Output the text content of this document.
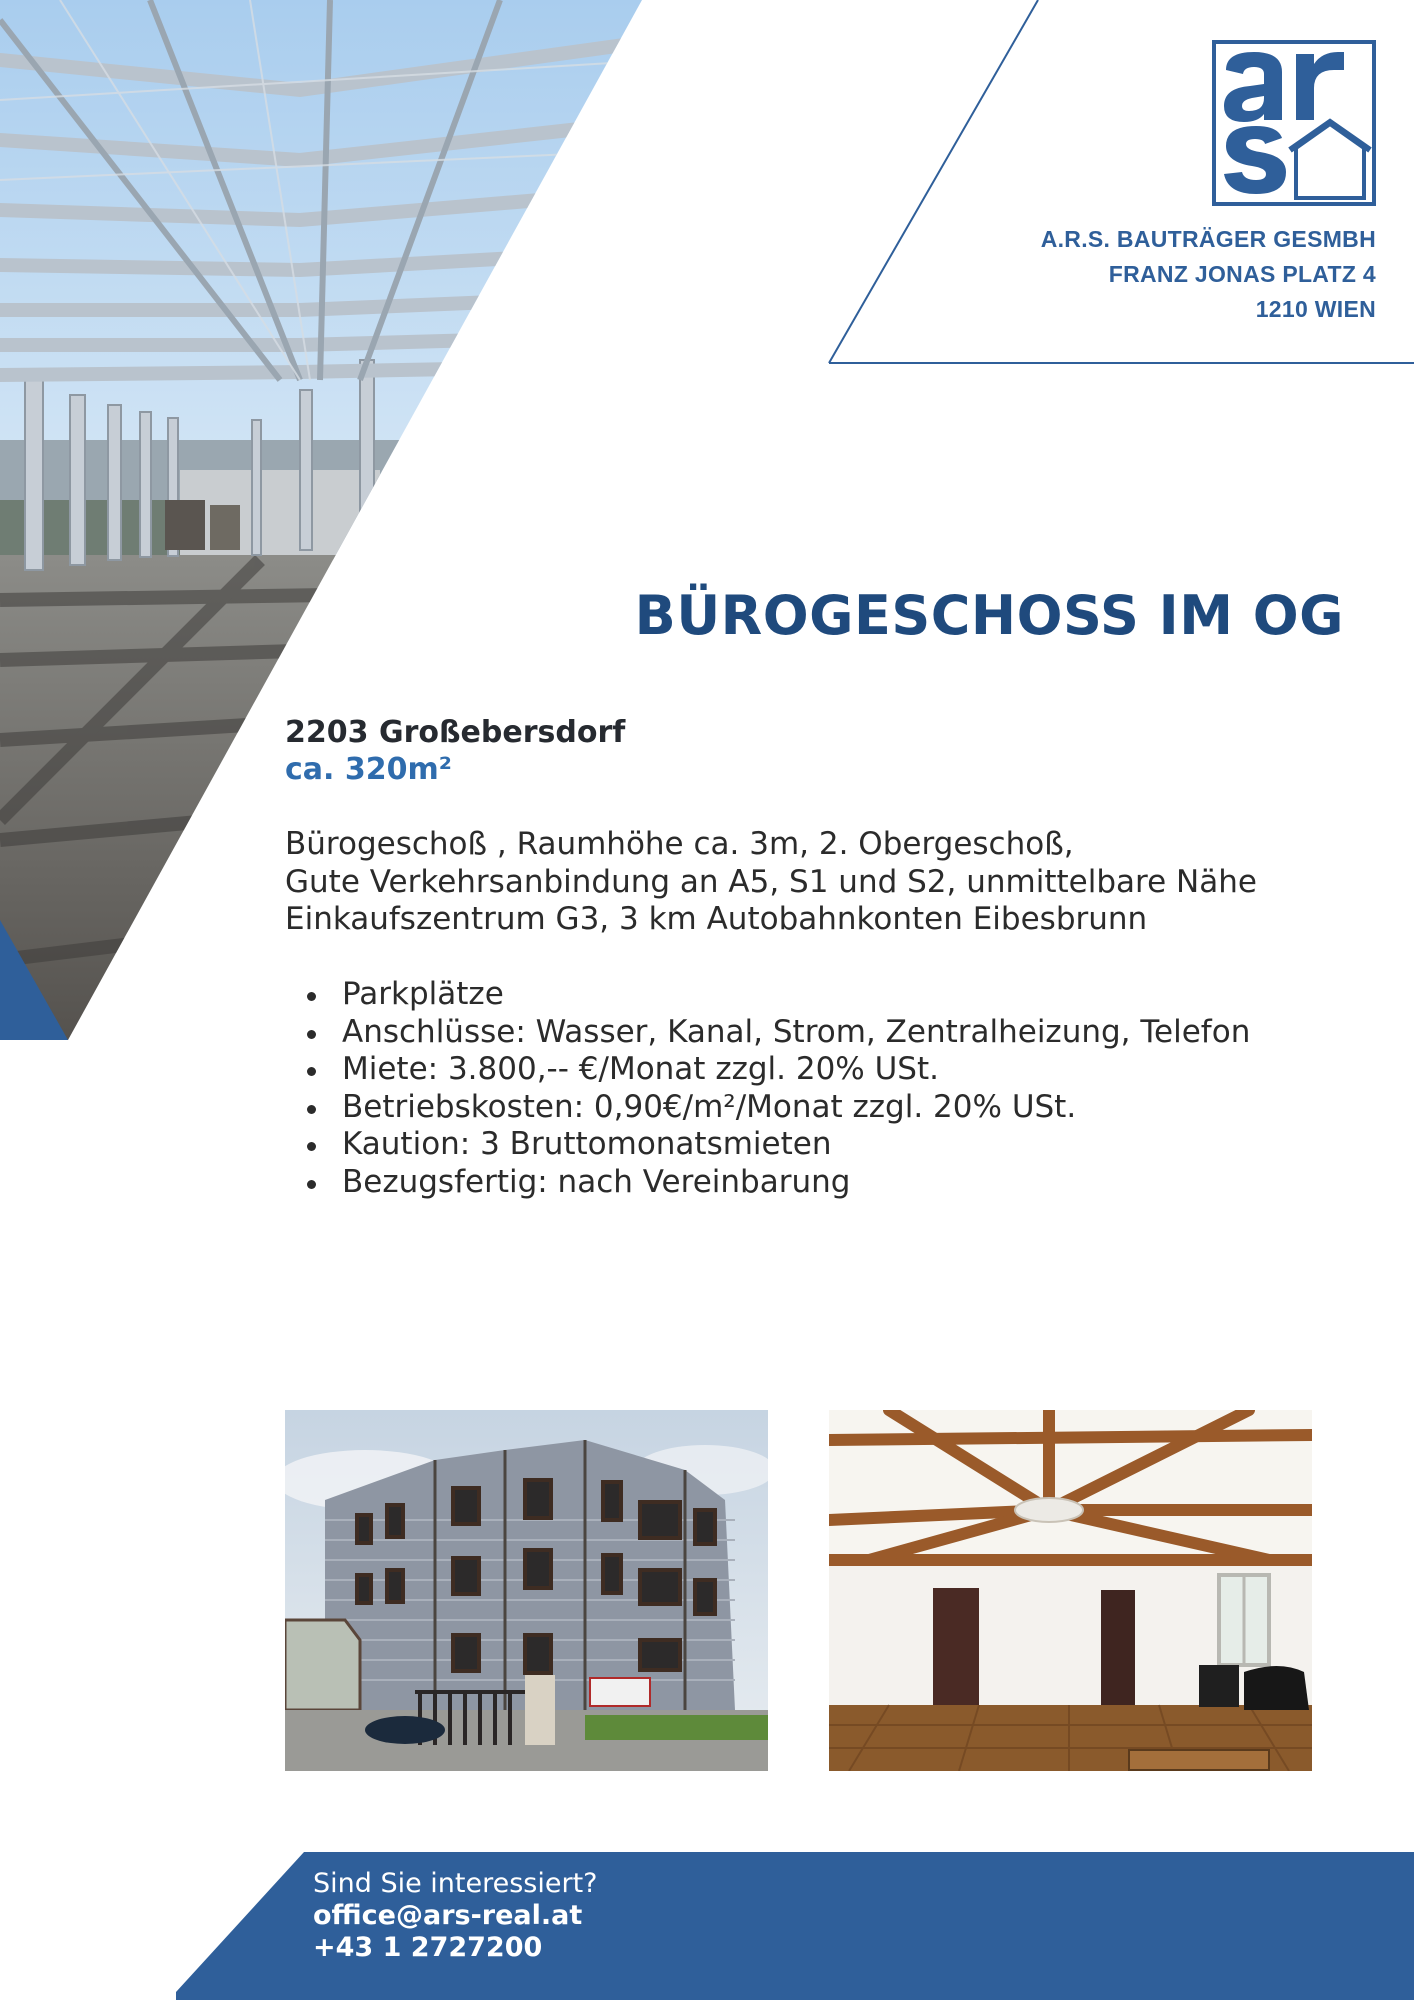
A.R.S. BAUTRÄGER GESMBH
FRANZ JONAS PLATZ 4
1210 WIEN
BÜROGESCHOSS IM OG
2203 Großebersdorf
ca. 320m²
Bürogeschoß , Raumhöhe ca. 3m, 2. Obergeschoß,
Gute Verkehrsanbindung an A5, S1 und S2, unmittelbare Nähe
Einkaufszentrum G3, 3 km Autobahnkonten Eibesbrunn
Parkplätze
Anschlüsse: Wasser, Kanal, Strom, Zentralheizung, Telefon
Miete: 3.800,-- €/Monat zzgl. 20% USt.
Betriebskosten: 0,90€/m²/Monat zzgl. 20% USt.
Kaution: 3 Bruttomonatsmieten
Bezugsfertig: nach Vereinbarung
Sind Sie interessiert?
office@ars-real.at
+43 1 2727200
